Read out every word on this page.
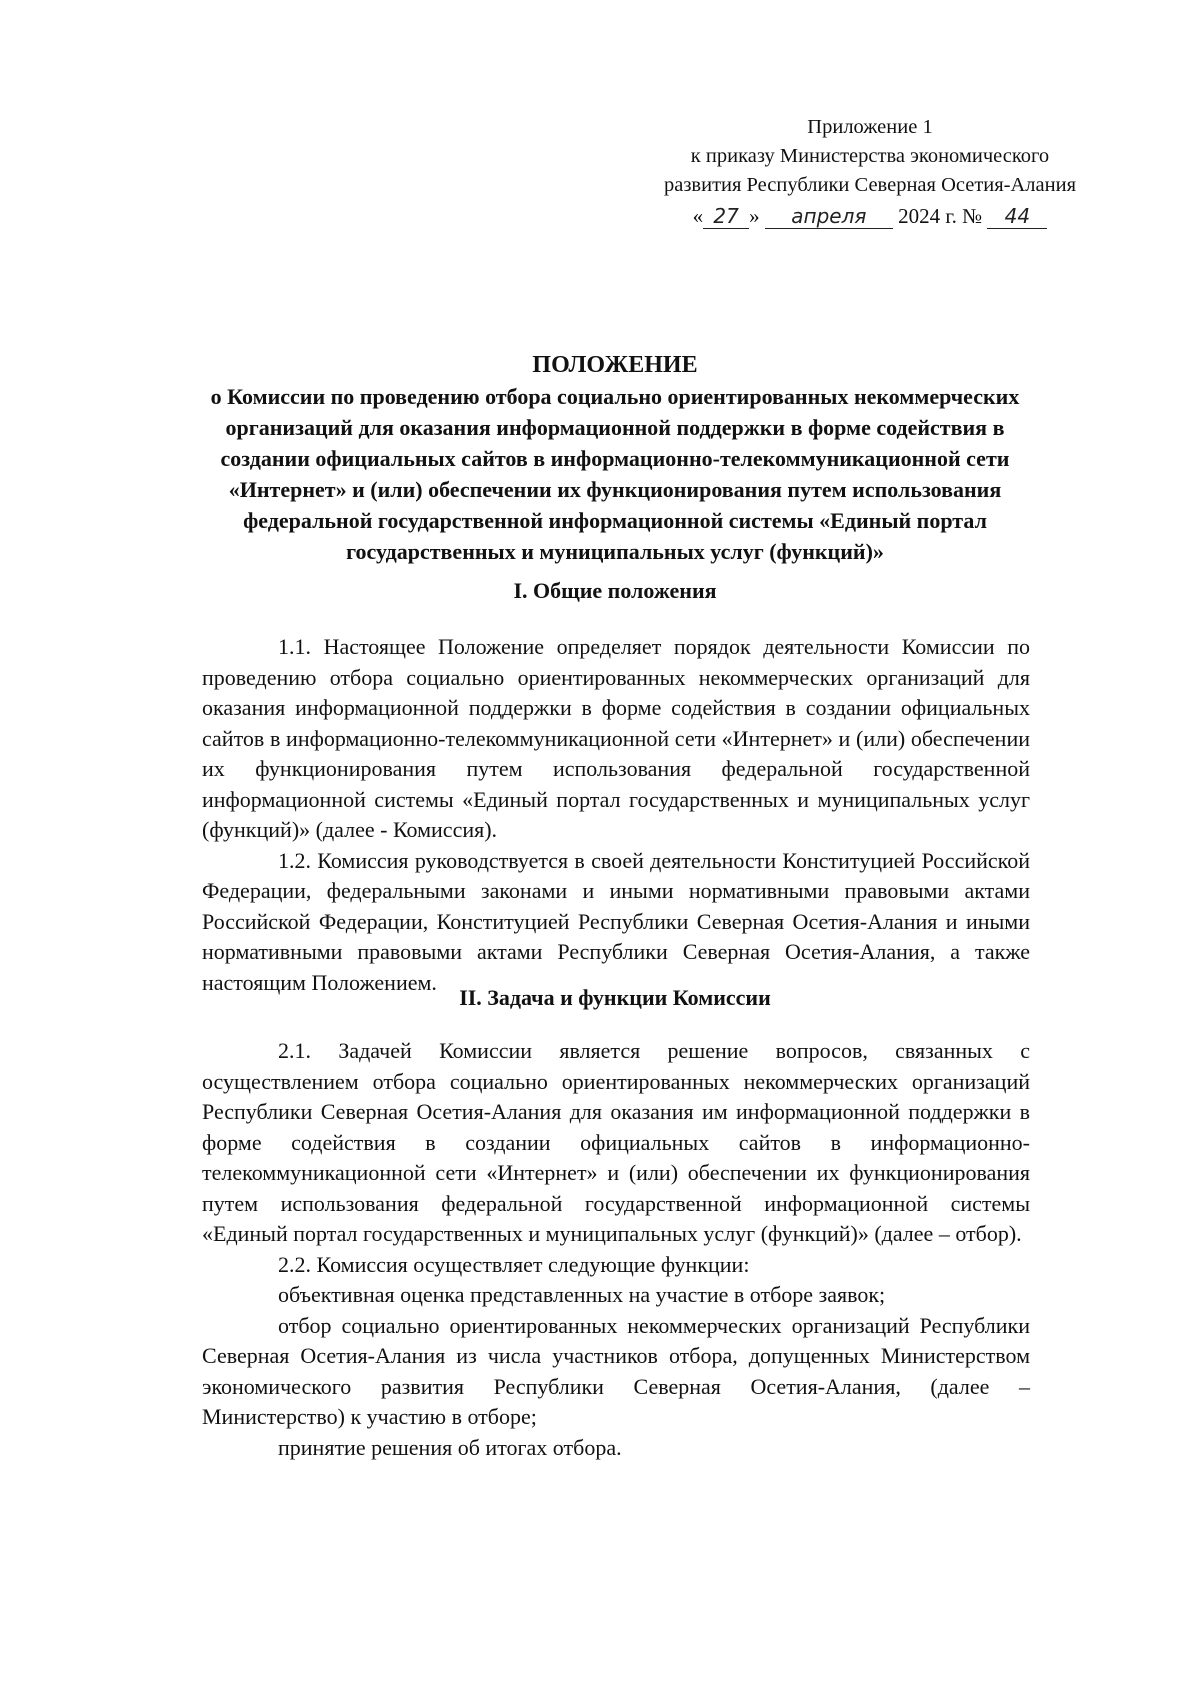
Приложение 1
к приказу Министерства экономического
развития Республики Северная Осетия-Алания
« 27 » апреля 2024 г. № 44
ПОЛОЖЕНИЕ
о Комиссии по проведению отбора социально ориентированных некоммерческих организаций для оказания информационной поддержки в форме содействия в создании официальных сайтов в информационно-телекоммуникационной сети «Интернет» и (или) обеспечении их функционирования путем использования федеральной государственной информационной системы «Единый портал государственных и муниципальных услуг (функций)»
I. Общие положения

1.1. Настоящее Положение определяет порядок деятельности Комиссии по проведению отбора социально ориентированных некоммерческих организаций для оказания информационной поддержки в форме содействия в создании официальных сайтов в информационно-телекоммуникационной сети «Интернет» и (или) обеспечении их функционирования путем использования федеральной государственной информационной системы «Единый портал государственных и муниципальных услуг (функций)» (далее - Комиссия).

1.2. Комиссия руководствуется в своей деятельности Конституцией Российской Федерации, федеральными законами и иными нормативными правовыми актами Российской Федерации, Конституцией Республики Северная Осетия-Алания и иными нормативными правовыми актами Республики Северная Осетия-Алания, а также настоящим Положением.

II. Задача и функции Комиссии

2.1. Задачей Комиссии является решение вопросов, связанных с осуществлением отбора социально ориентированных некоммерческих организаций Республики Северная Осетия-Алания для оказания им информационной поддержки в форме содействия в создании официальных сайтов в информационно-телекоммуникационной сети «Интернет» и (или) обеспечении их функционирования путем использования федеральной государственной информационной системы «Единый портал государственных и муниципальных услуг (функций)» (далее – отбор).

2.2. Комиссия осуществляет следующие функции:

объективная оценка представленных на участие в отборе заявок;

отбор социально ориентированных некоммерческих организаций Республики Северная Осетия-Алания из числа участников отбора, допущенных Министерством экономического развития Республики Северная Осетия-Алания, (далее – Министерство) к участию в отборе;

принятие решения об итогах отбора.
